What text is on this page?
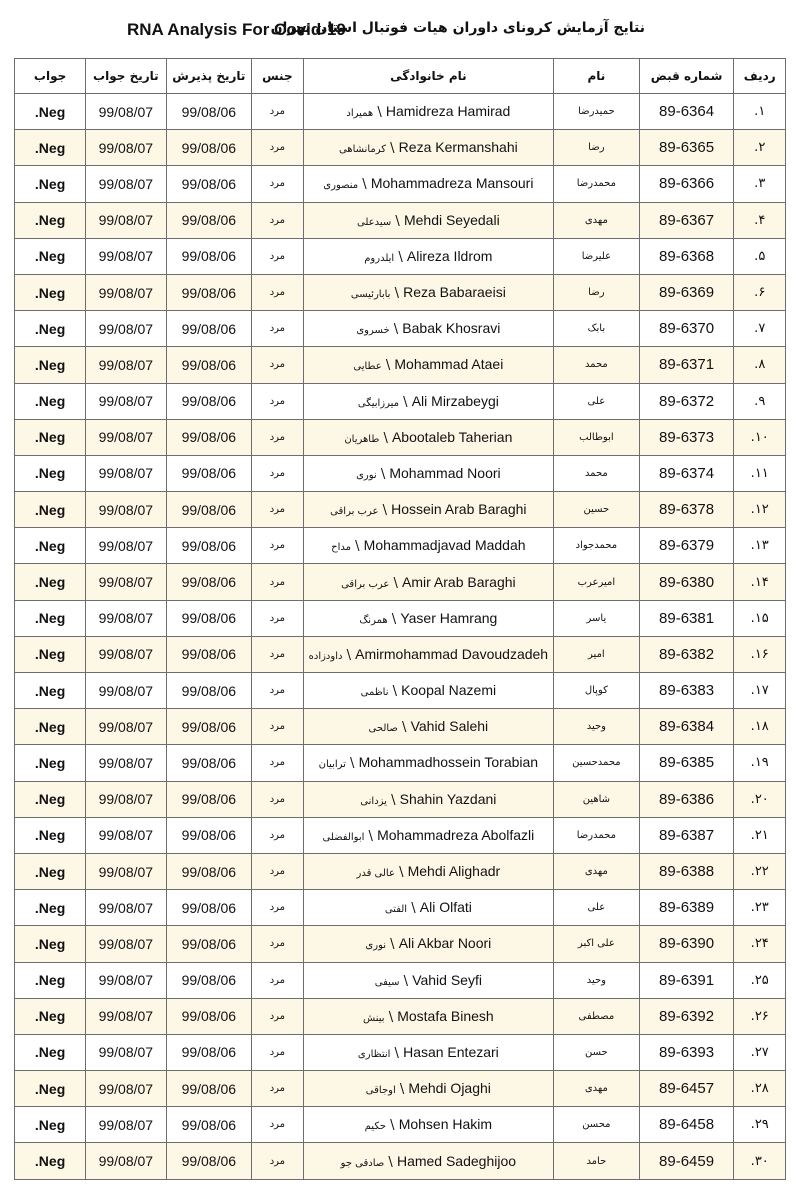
RNA Analysis For Covid-19
نتایج آزمایش کرونای داوران هیات فوتبال استان تهران
ردیف	شماره قبض	نام	نام خانوادگی	جنس	تاریخ پذیرش	تاریخ جواب	جواب
۱.	89-6364	حمیدرضا	Hamidreza Hamirad \ همیراد	مرد	99/08/06	99/08/07	Neg.
۲.	89-6365	رضا	Reza Kermanshahi \ کرمانشاهی	مرد	99/08/06	99/08/07	Neg.
۳.	89-6366	محمدرضا	Mohammadreza Mansouri \ منصوری	مرد	99/08/06	99/08/07	Neg.
۴.	89-6367	مهدی	Mehdi Seyedali \ سیدعلی	مرد	99/08/06	99/08/07	Neg.
۵.	89-6368	علیرضا	Alireza Ildrom \ ایلدروم	مرد	99/08/06	99/08/07	Neg.
۶.	89-6369	رضا	Reza Babaraeisi \ بابارئیسی	مرد	99/08/06	99/08/07	Neg.
۷.	89-6370	بابک	Babak Khosravi \ خسروی	مرد	99/08/06	99/08/07	Neg.
۸.	89-6371	محمد	Mohammad Ataei \ عطایی	مرد	99/08/06	99/08/07	Neg.
۹.	89-6372	علی	Ali Mirzabeygi \ میرزابیگی	مرد	99/08/06	99/08/07	Neg.
۱۰.	89-6373	ابوطالب	Abootaleb Taherian \ طاهریان	مرد	99/08/06	99/08/07	Neg.
۱۱.	89-6374	محمد	Mohammad Noori \ نوری	مرد	99/08/06	99/08/07	Neg.
۱۲.	89-6378	حسین	Hossein Arab Baraghi \ عرب براقی	مرد	99/08/06	99/08/07	Neg.
۱۳.	89-6379	محمدجواد	Mohammadjavad Maddah \ مداح	مرد	99/08/06	99/08/07	Neg.
۱۴.	89-6380	امیرعرب	Amir Arab Baraghi \ عرب براقی	مرد	99/08/06	99/08/07	Neg.
۱۵.	89-6381	یاسر	Yaser Hamrang \ همرنگ	مرد	99/08/06	99/08/07	Neg.
۱۶.	89-6382	امیر	Amirmohammad Davoudzadeh \ داودزاده	مرد	99/08/06	99/08/07	Neg.
۱۷.	89-6383	کوپال	Koopal Nazemi \ ناظمی	مرد	99/08/06	99/08/07	Neg.
۱۸.	89-6384	وحید	Vahid Salehi \ صالحی	مرد	99/08/06	99/08/07	Neg.
۱۹.	89-6385	محمدحسین	Mohammadhossein Torabian \ ترابیان	مرد	99/08/06	99/08/07	Neg.
۲۰.	89-6386	شاهین	Shahin Yazdani \ یزدانی	مرد	99/08/06	99/08/07	Neg.
۲۱.	89-6387	محمدرضا	Mohammadreza Abolfazli \ ابوالفضلی	مرد	99/08/06	99/08/07	Neg.
۲۲.	89-6388	مهدی	Mehdi Alighadr \ عالی قدر	مرد	99/08/06	99/08/07	Neg.
۲۳.	89-6389	علی	Ali Olfati \ الفتی	مرد	99/08/06	99/08/07	Neg.
۲۴.	89-6390	علی اکبر	Ali Akbar Noori \ نوری	مرد	99/08/06	99/08/07	Neg.
۲۵.	89-6391	وحید	Vahid Seyfi \ سیفی	مرد	99/08/06	99/08/07	Neg.
۲۶.	89-6392	مصطفی	Mostafa Binesh \ بینش	مرد	99/08/06	99/08/07	Neg.
۲۷.	89-6393	حسن	Hasan Entezari \ انتظاری	مرد	99/08/06	99/08/07	Neg.
۲۸.	89-6457	مهدی	Mehdi Ojaghi \ اوجاقی	مرد	99/08/06	99/08/07	Neg.
۲۹.	89-6458	محسن	Mohsen Hakim \ حکیم	مرد	99/08/06	99/08/07	Neg.
۳۰.	89-6459	حامد	Hamed Sadeghijoo \ صادقی جو	مرد	99/08/06	99/08/07	Neg.
